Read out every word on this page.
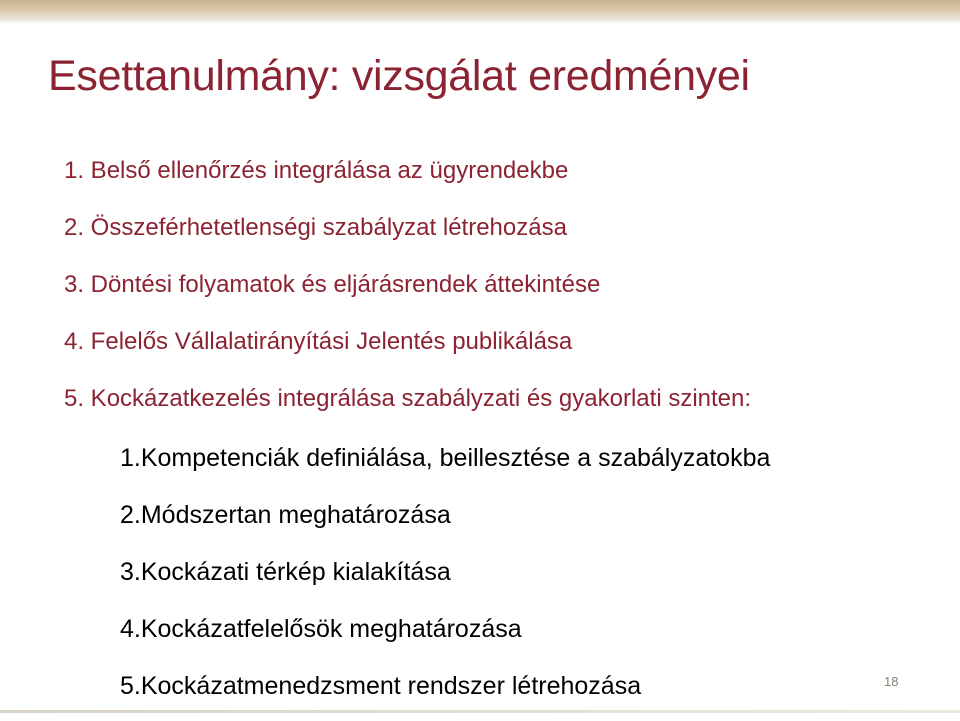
Esettanulmány: vizsgálat eredményei
1. Belső ellenőrzés integrálása az ügyrendekbe
2. Összeférhetetlenségi szabályzat létrehozása
3. Döntési folyamatok és eljárásrendek áttekintése
4. Felelős Vállalatirányítási Jelentés publikálása
5. Kockázatkezelés integrálása szabályzati és gyakorlati szinten:
1.Kompetenciák definiálása, beillesztése a szabályzatokba
2.Módszertan meghatározása
3.Kockázati térkép kialakítása
4.Kockázatfelelősök meghatározása
5.Kockázatmenedzsment rendszer létrehozása	18
